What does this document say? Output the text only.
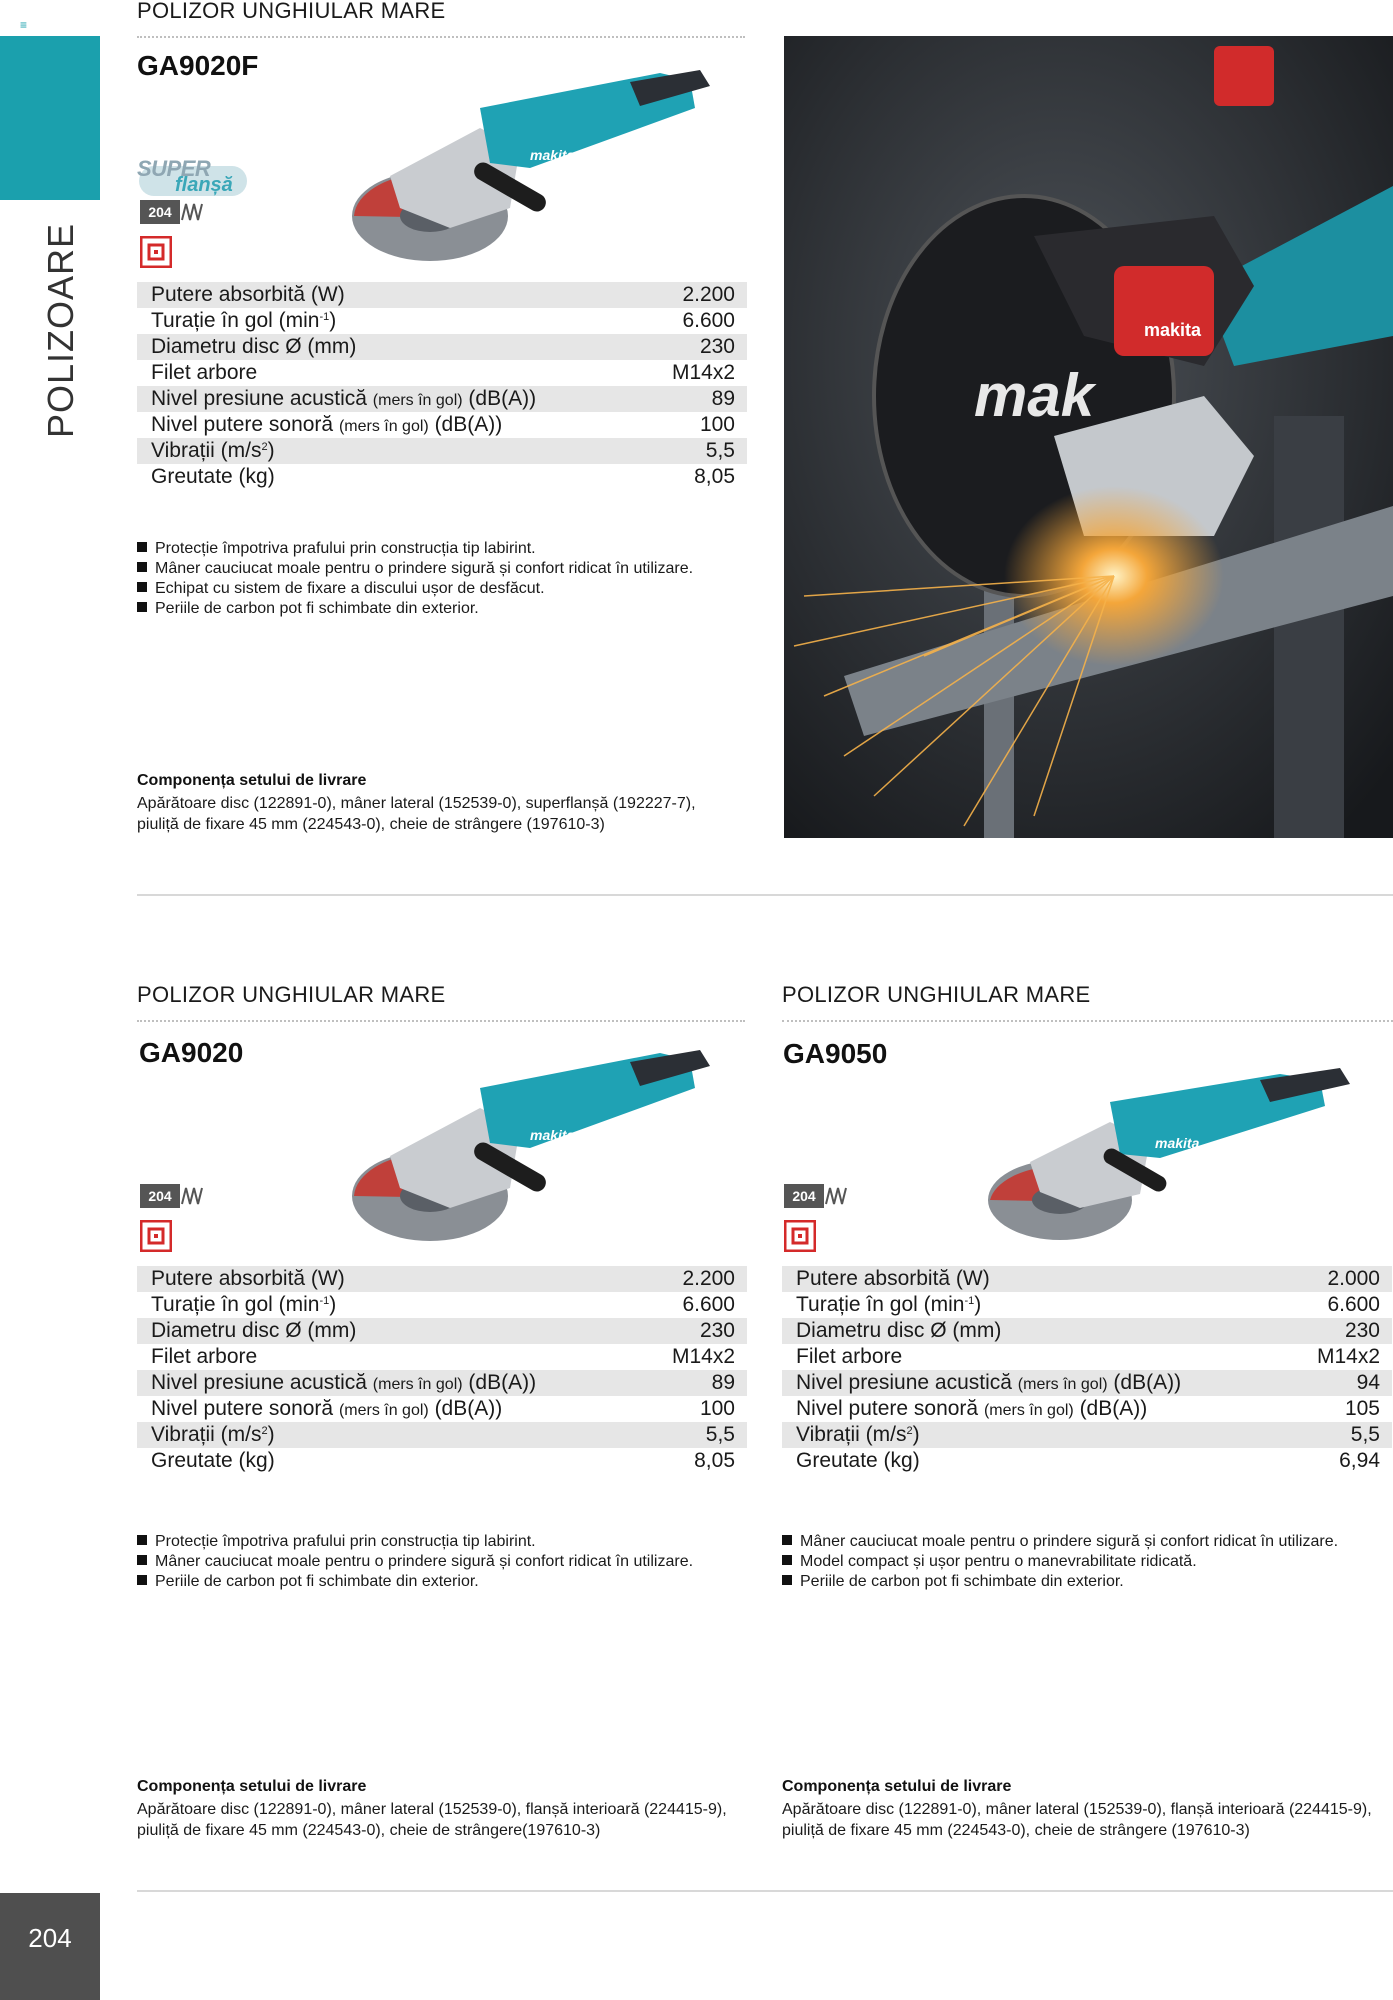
≡
POLIZOARE
204
POLIZOR UNGHIULAR MARE
GA9020F
makita
SUPER
flanșă
204
Putere absorbită (W)	2.200
Turație în gol $(\min^{-1})$	6.600
Diametru disc Ø (mm)	230
Filet arbore	M14x2
Nivel presiune acustică (mers în gol) (dB(A))	89
Nivel putere sonoră (mers în gol) (dB(A))	100
Vibrații $(m/s^2)$	5,5
Greutate (kg)	8,05
Protecție împotriva prafului prin construcția tip labirint.
Mâner cauciucat moale pentru o prindere sigură și confort ridicat în utilizare.
Echipat cu sistem de fixare a discului ușor de desfăcut.
Periile de carbon pot fi schimbate din exterior.
Componența setului de livrare
Apărătoare disc (122891-0), mâner lateral (152539-0), superflanșă (192227-7), piuliță de fixare 45 mm (224543-0), cheie de strângere (197610-3)
mak
makita
POLIZOR UNGHIULAR MARE
GA9020
makita
204
Putere absorbită (W)	2.200
Turație în gol $(\min^{-1})$	6.600
Diametru disc Ø (mm)	230
Filet arbore	M14x2
Nivel presiune acustică (mers în gol) (dB(A))	89
Nivel putere sonoră (mers în gol) (dB(A))	100
Vibrații $(m/s^2)$	5,5
Greutate (kg)	8,05
Protecție împotriva prafului prin construcția tip labirint.
Mâner cauciucat moale pentru o prindere sigură și confort ridicat în utilizare.
Periile de carbon pot fi schimbate din exterior.
Componența setului de livrare
Apărătoare disc (122891-0), mâner lateral (152539-0), flanșă interioară (224415-9), piuliță de fixare 45 mm (224543-0), cheie de strângere(197610-3)
POLIZOR UNGHIULAR MARE
GA9050
makita
204
Putere absorbită (W)	2.000
Turație în gol $(\min^{-1})$	6.600
Diametru disc Ø (mm)	230
Filet arbore	M14x2
Nivel presiune acustică (mers în gol) (dB(A))	94
Nivel putere sonoră (mers în gol) (dB(A))	105
Vibrații $(m/s^2)$	5,5
Greutate (kg)	6,94
Mâner cauciucat moale pentru o prindere sigură și confort ridicat în utilizare.
Model compact și ușor pentru o manevrabilitate ridicată.
Periile de carbon pot fi schimbate din exterior.
Componența setului de livrare
Apărătoare disc (122891-0), mâner lateral (152539-0), flanșă interioară (224415-9), piuliță de fixare 45 mm (224543-0), cheie de strângere (197610-3)
